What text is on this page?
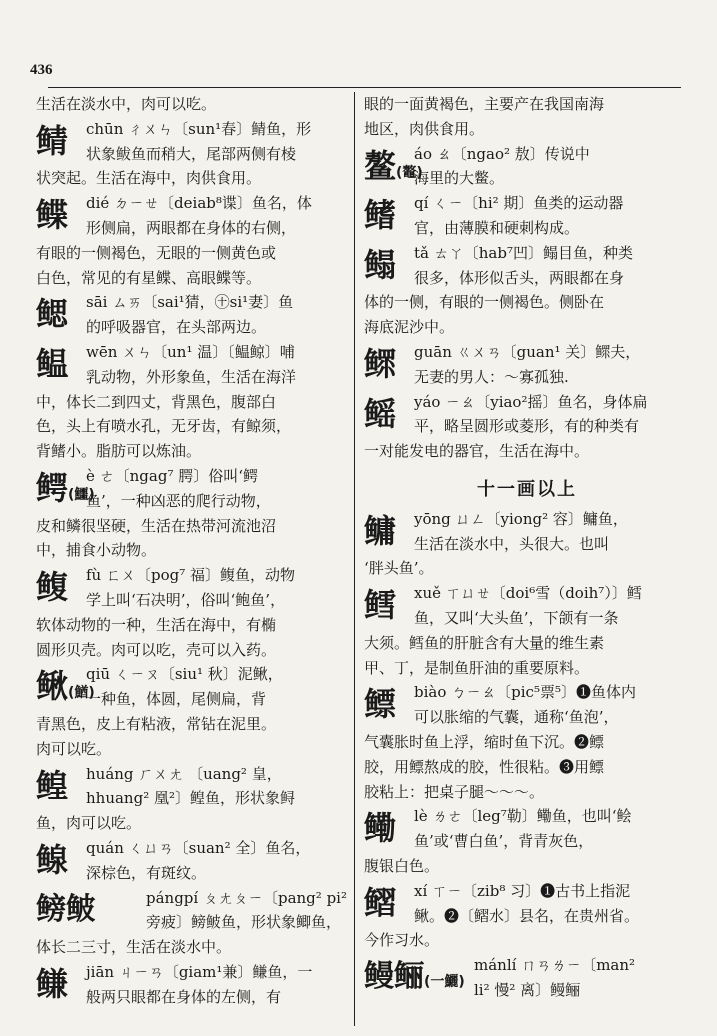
436
生活在淡水中，肉可以吃。
鲭	chūn ㄔㄨㄣ〔sun¹春〕鲭鱼，形
状象鲅鱼而稍大，尾部两侧有棱
状突起。生活在海中，肉供食用。
鲽	dié ㄉㄧㄝ〔deiab⁸谍〕鱼名，体
形侧扁，两眼都在身体的右侧，
有眼的一侧褐色，无眼的一侧黄色或
白色，常见的有星鲽、高眼鲽等。
鳃	sāi ㄙㄞ〔sai¹猜，㊉si¹妻〕鱼
的呼吸器官，在头部两边。
鳁	wēn ㄨㄣ〔un¹ 温〕〔鳁鲸〕哺
乳动物，外形象鱼，生活在海洋
中，体长二到四丈，背黑色，腹部白
色，头上有喷水孔，无牙齿，有鲸须，
背鳍小。脂肪可以炼油。
鳄(鱷)
è ㄜ〔ngag⁷ 腭〕俗叫‘鳄
鱼’，一种凶恶的爬行动物，
皮和鳞很坚硬，生活在热带河流池沼
中，捕食小动物。
鳆	fù ㄈㄨ〔pog⁷ 福〕鳆鱼，动物
学上叫‘石决明’，俗叫‘鲍鱼’，
软体动物的一种，生活在海中，有椭
圆形贝壳。肉可以吃，壳可以入药。
鳅(鰌)
qiū ㄑㄧㄡ〔siu¹ 秋〕泥鳅，
一种鱼，体圆，尾侧扁，背
青黑色，皮上有粘液，常钻在泥里。
肉可以吃。
鳇	huáng ㄏㄨㄤ 〔uang² 皇，
hhuang² 凰²〕鳇鱼，形状象鲟
鱼，肉可以吃。
鳈	quán ㄑㄩㄢ〔suan² 全〕鱼名，
深棕色，有斑纹。
鳑鲏	pángpí ㄆㄤㄆㄧ〔pang² pi²
旁疲〕鳑鲏鱼，形状象鲫鱼，
体长二三寸，生活在淡水中。
鳒	jiān ㄐㄧㄢ〔giam¹兼〕鳒鱼，一
般两只眼都在身体的左侧，有
眼的一面黄褐色，主要产在我国南海
地区，肉供食用。
鳌(鼇)
áo ㄠ〔ngao² 敖〕传说中
海里的大鳖。
鳍	qí ㄑㄧ〔hi² 期〕鱼类的运动器
官，由薄膜和硬刺构成。
鳎	tǎ ㄊㄚ〔hab⁷凹〕鳎目鱼，种类
很多，体形似舌头，两眼都在身
体的一侧，有眼的一侧褐色。侧卧在
海底泥沙中。
鳏	guān ㄍㄨㄢ〔guan¹ 关〕鳏夫，
无妻的男人：～寡孤独.
鳐	yáo ㄧㄠ〔yiao²摇〕鱼名，身体扁
平，略呈圆形或菱形，有的种类有
一对能发电的器官，生活在海中。
十一画以上
鳙	yōng ㄩㄥ〔yiong² 容〕鳙鱼，
生活在淡水中，头很大。也叫
‘胖头鱼’。
鳕	xuě ㄒㄩㄝ〔doi⁶雪（doih⁷）〕鳕
鱼，又叫‘大头鱼’，下颌有一条
大须。鳕鱼的肝脏含有大量的维生素
甲、丁，是制鱼肝油的重要原料。
鳔	biào ㄅㄧㄠ〔pic⁵票⁵〕❶鱼体内
可以胀缩的气囊，通称‘鱼泡’，
气囊胀时鱼上浮，缩时鱼下沉。❷鳔
胶，用鳔熬成的胶，性很粘。❸用鳔
胶粘上：把桌子腿～～～。
鳓	lè ㄌㄜ〔leg⁷勒〕鳓鱼，也叫‘鲙
鱼’或‘曹白鱼’，背青灰色，
腹银白色。
鳛	xí ㄒㄧ〔zib⁸ 习〕❶古书上指泥
鳅。❷〔鳛水〕县名，在贵州省。
今作习水。
鳗鲡(一鱺)
mánlí ㄇㄢㄌㄧ〔man²
li² 慢² 离〕鳗鲡
